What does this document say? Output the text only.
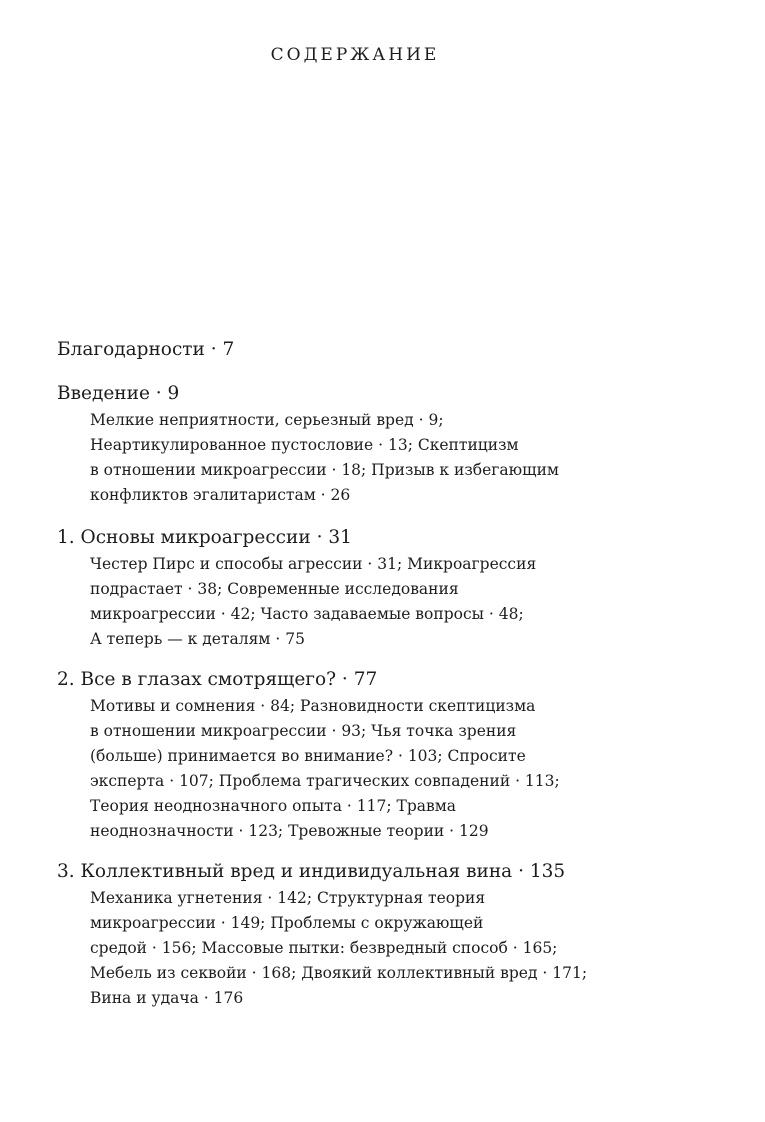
СОДЕРЖАНИЕ
Благодарности · 7
Введение · 9
Мелкие неприятности, серьезный вред · 9;
Неартикулированное пустословие · 13; Скептицизм
в отношении микроагрессии · 18; Призыв к избегающим
конфликтов эгалитаристам · 26
1. Основы микроагрессии · 31
Честер Пирс и способы агрессии · 31; Микроагрессия
подрастает · 38; Современные исследования
микроагрессии · 42; Часто задаваемые вопросы · 48;
А теперь — к деталям · 75
2. Все в глазах смотрящего? · 77
Мотивы и сомнения · 84; Разновидности скептицизма
в отношении микроагрессии · 93; Чья точка зрения
(больше) принимается во внимание? · 103; Спросите
эксперта · 107; Проблема трагических совпадений · 113;
Теория неоднозначного опыта · 117; Травма
неоднозначности · 123; Тревожные теории · 129
3. Коллективный вред и индивидуальная вина · 135
Механика угнетения · 142; Структурная теория
микроагрессии · 149; Проблемы с окружающей
средой · 156; Массовые пытки: безвредный способ · 165;
Мебель из секвойи · 168; Двоякий коллективный вред · 171;
Вина и удача · 176
